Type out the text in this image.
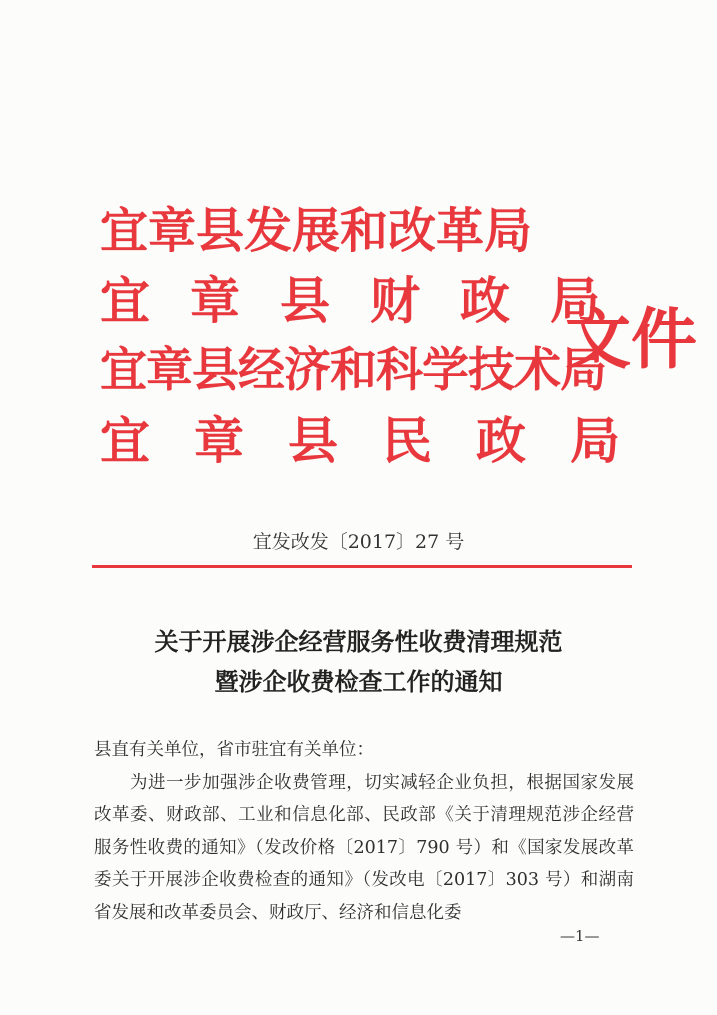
宜章县发展和改革局
宜章县财政局
宜章县经济和科学技术局
宜章县民政局
文件
宜发改发〔2017〕27 号
关于开展涉企经营服务性收费清理规范
暨涉企收费检查工作的通知

县直有关单位，省市驻宜有关单位：

为进一步加强涉企收费管理，切实减轻企业负担，根据国家发展改革委、财政部、工业和信息化部、民政部《关于清理规范涉企经营服务性收费的通知》（发改价格〔2017〕790 号）和《国家发展改革委关于开展涉企收费检查的通知》（发改电〔2017〕303 号）和湖南省发展和改革委员会、财政厅、经济和信息化委

—1—
